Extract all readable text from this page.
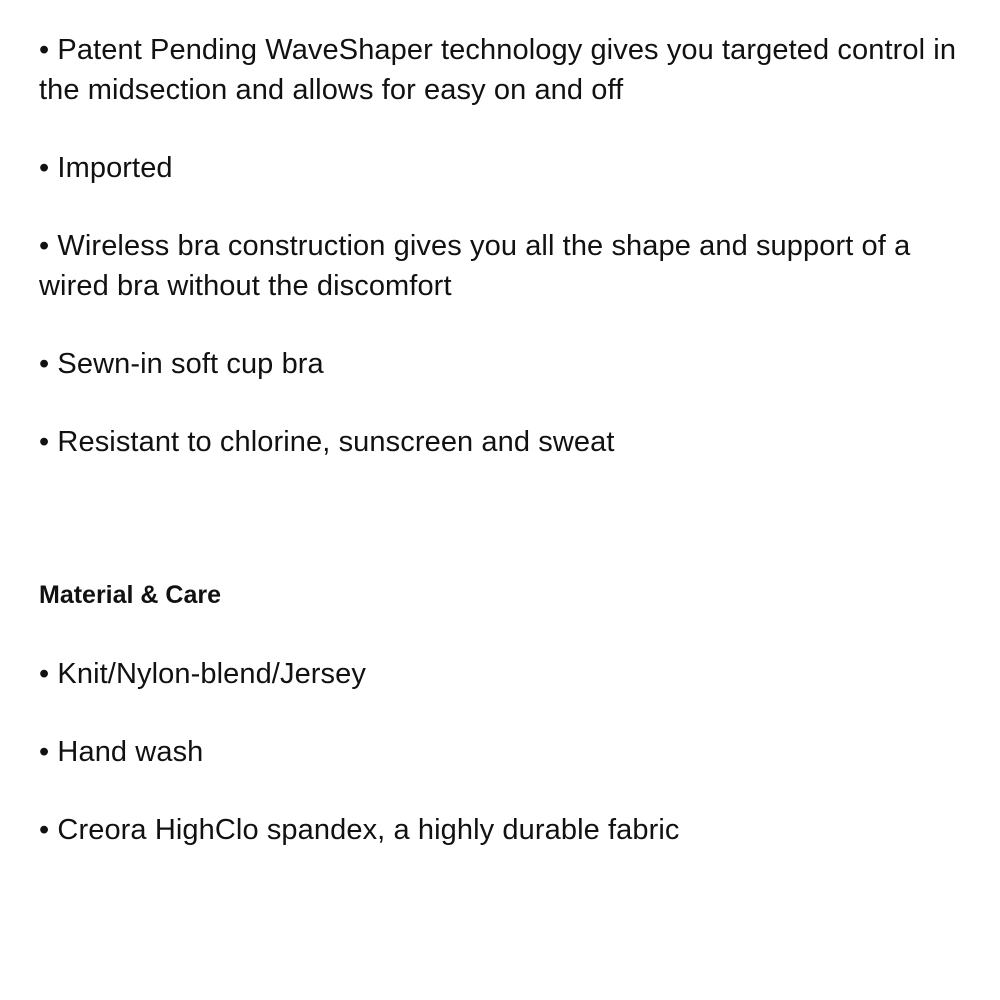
• Patent Pending WaveShaper technology gives you targeted control in the midsection and allows for easy on and off
• Imported
• Wireless bra construction gives you all the shape and support of a wired bra without the discomfort
• Sewn-in soft cup bra
• Resistant to chlorine, sunscreen and sweat
Material & Care
• Knit/Nylon-blend/Jersey
• Hand wash
• Creora HighClo spandex, a highly durable fabric
